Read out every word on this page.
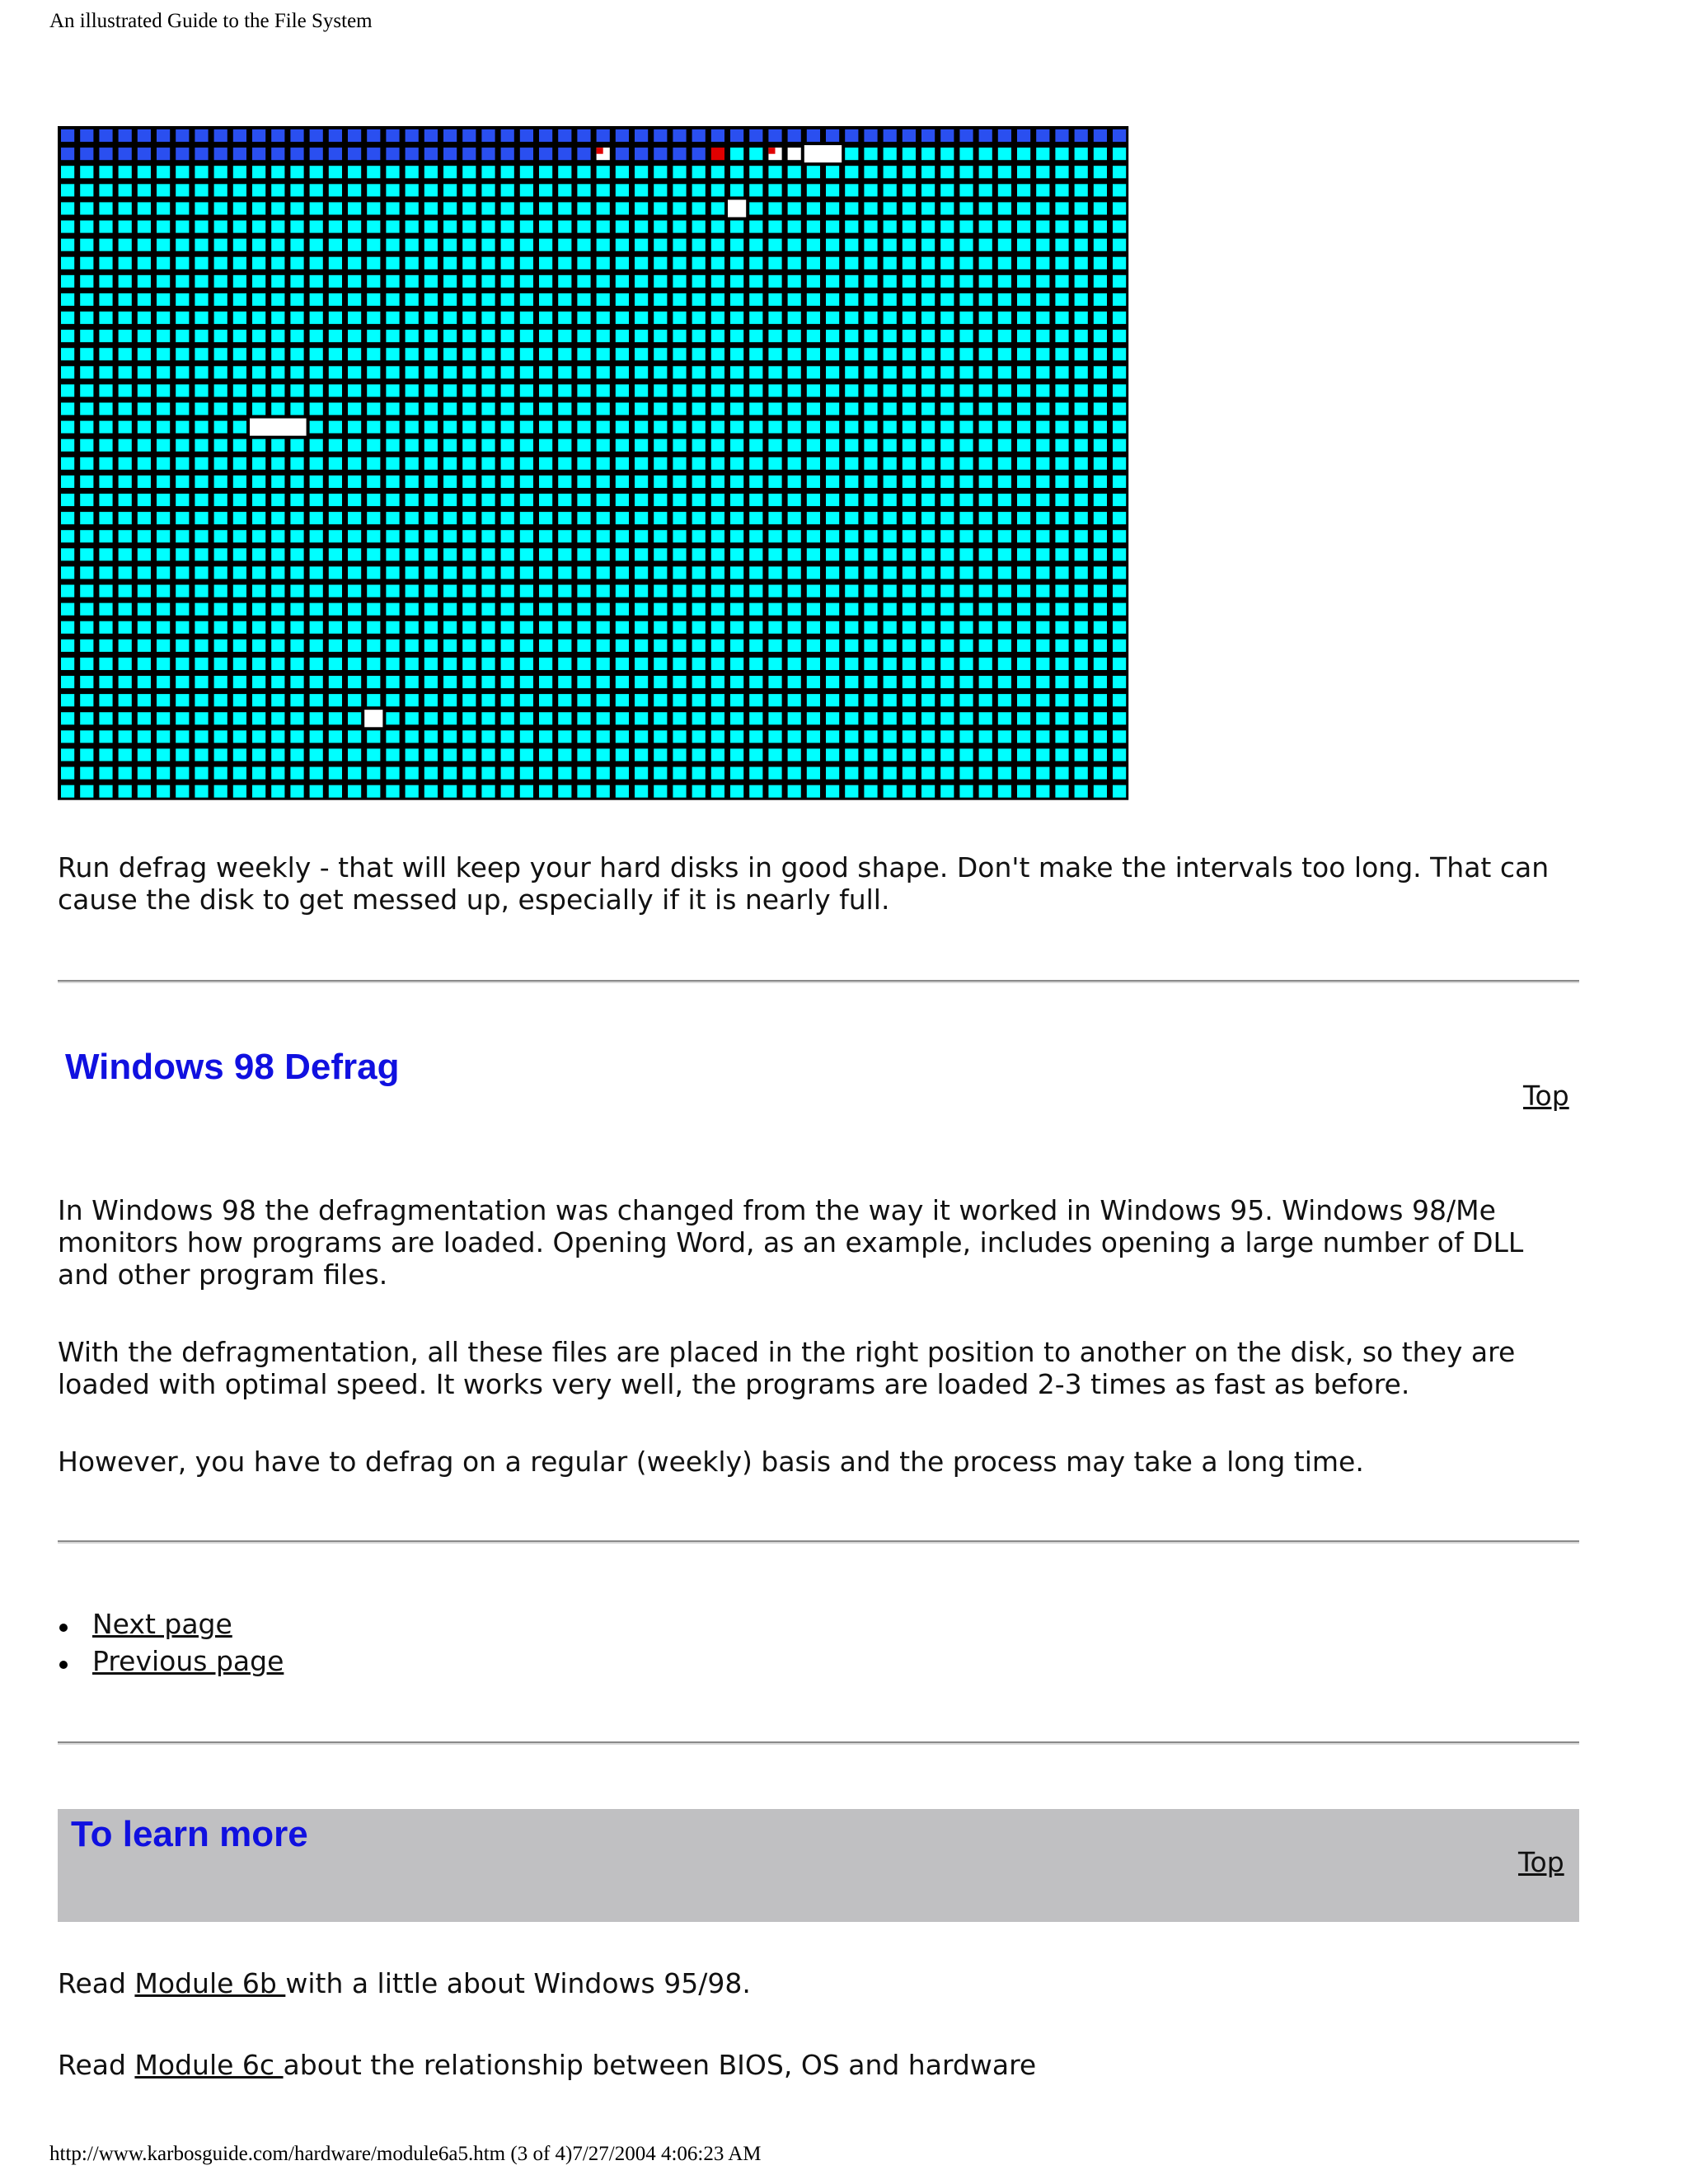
An illustrated Guide to the File System

Run defrag weekly - that will keep your hard disks in good shape. Don't make the intervals too long. That can cause the disk to get messed up, especially if it is nearly full.

Windows 98 Defrag
Top

In Windows 98 the defragmentation was changed from the way it worked in Windows 95. Windows 98/Me monitors how programs are loaded. Opening Word, as an example, includes opening a large number of DLL and other program files.

With the defragmentation, all these files are placed in the right position to another on the disk, so they are loaded with optimal speed. It works very well, the programs are loaded 2-3 times as fast as before.

However, you have to defrag on a regular (weekly) basis and the process may take a long time.

Next page
Previous page
To learn more
Top

Read Module 6b with a little about Windows 95/98.

Read Module 6c about the relationship between BIOS, OS and hardware

http://www.karbosguide.com/hardware/module6a5.htm (3 of 4)7/27/2004 4:06:23 AM
